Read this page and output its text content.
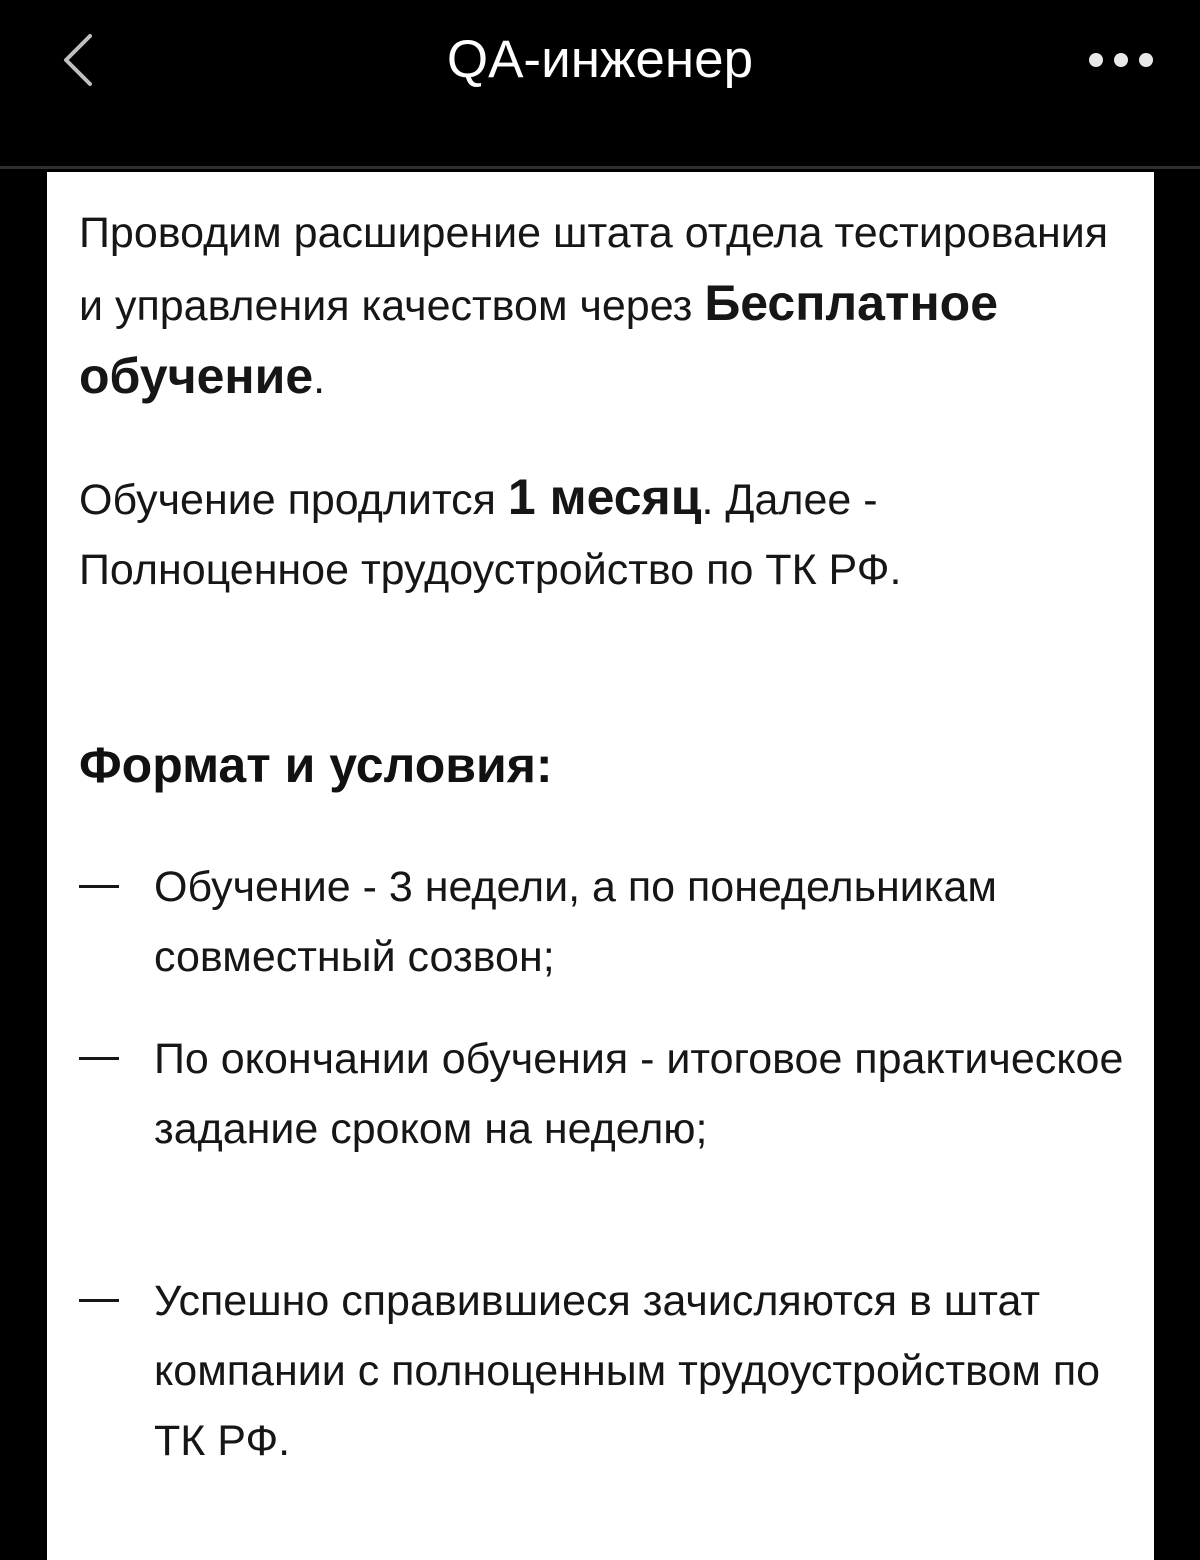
QA-инженер

Проводим расширение штата отдела тестирования и управления качеством через Бесплатное обучение.

Обучение продлится 1 месяц. Далее - Полноценное трудоустройство по ТК РФ.

Формат и условия:
Обучение - 3 недели, а по понедельникам совместный созвон;
По окончании обучения - итоговое практическое задание сроком на неделю;
Успешно справившиеся зачисляются в штат компании с полноценным трудоустройством по ТК РФ.
